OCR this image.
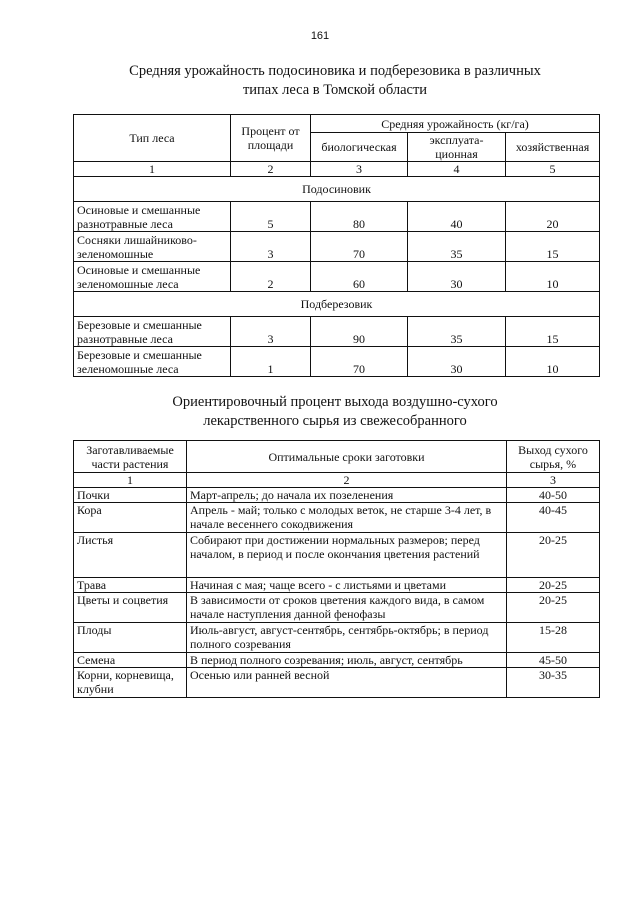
161
Средняя урожайность подосиновика и подберезовика в различных
типах леса в Томской области
Тип леса	Процент от площади	Средняя урожайность (кг/га)		
		биологическая	эксплуата-ционная	хозяйственная
1	2	3	4	5
Подосиновик				
Осиновые и смешанные разнотравные леса	5	80	40	20
Сосняки лишайниково-зеленомошные	3	70	35	15
Осиновые и смешанные зеленомошные леса	2	60	30	10
Подберезовик				
Березовые и смешанные разнотравные леса	3	90	35	15
Березовые и смешанные зеленомошные леса	1	70	30	10
Ориентировочный процент выхода воздушно-сухого
лекарственного сырья из свежесобранного
Заготавливаемые части растения	Оптимальные сроки заготовки	Выход сухого сырья, %
1	2	3
Почки	Март-апрель; до начала их позеленения	40-50
Кора	Апрель - май; только с молодых веток, не старше 3-4 лет, в начале весеннего сокодвижения	40-45
Листья	Собирают при достижении нормальных размеров; перед началом, в период и после окончания цветения растений	20-25
Трава	Начиная с мая; чаще всего - с листьями и цветами	20-25
Цветы и соцветия	В зависимости от сроков цветения каждого вида, в самом начале наступления данной фенофазы	20-25
Плоды	Июль-август, август-сентябрь, сентябрь-октябрь; в период полного созревания	15-28
Семена	В период полного созревания; июль, август, сентябрь	45-50
Корни, корневища, клубни	Осенью или ранней весной	30-35
